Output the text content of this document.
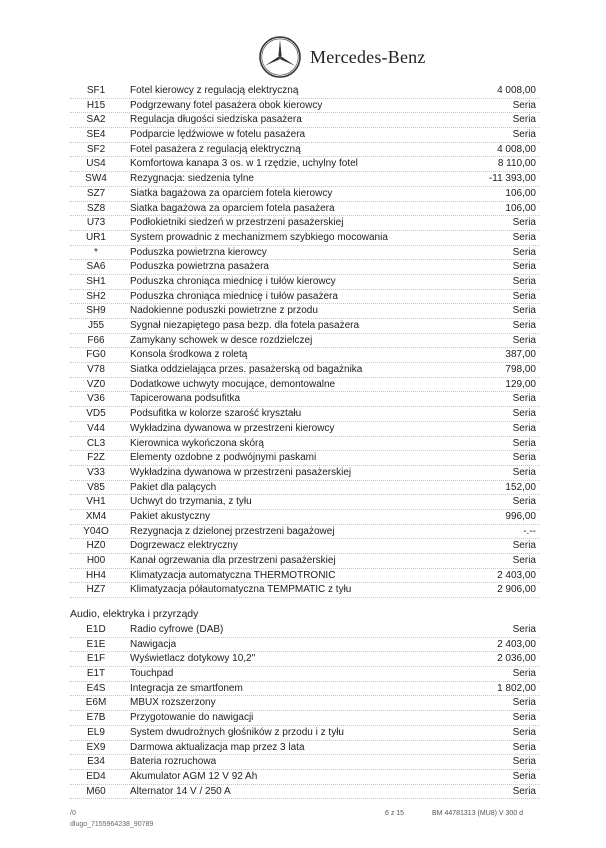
Mercedes-Benz
SF1	Fotel kierowcy z regulacją elektryczną	4 008,00
H15	Podgrzewany fotel pasażera obok kierowcy	Seria
SA2	Regulacja długości siedziska pasażera	Seria
SE4	Podparcie lędźwiowe w fotelu pasażera	Seria
SF2	Fotel pasażera z regulacją elektryczną	4 008,00
US4	Komfortowa kanapa 3 os. w 1 rzędzie, uchylny fotel	8 110,00
SW4	Rezygnacja: siedzenia tylne	-11 393,00
SZ7	Siatka bagażowa za oparciem fotela kierowcy	106,00
SZ8	Siatka bagażowa za oparciem fotela pasażera	106,00
U73	Podłokietniki siedzeń w przestrzeni pasażerskiej	Seria
UR1	System prowadnic z mechanizmem szybkiego mocowania	Seria
*	Poduszka powietrzna kierowcy	Seria
SA6	Poduszka powietrzna pasażera	Seria
SH1	Poduszka chroniąca miednicę i tułów kierowcy	Seria
SH2	Poduszka chroniąca miednicę i tułów pasażera	Seria
SH9	Nadokienne poduszki powietrzne z przodu	Seria
J55	Sygnał niezapiętego pasa bezp. dla fotela pasażera	Seria
F66	Zamykany schowek w desce rozdzielczej	Seria
FG0	Konsola środkowa z roletą	387,00
V78	Siatka oddzielająca przes. pasażerską od bagażnika	798,00
VZ0	Dodatkowe uchwyty mocujące, demontowalne	129,00
V36	Tapicerowana podsufitka	Seria
VD5	Podsufitka w kolorze szarość kryształu	Seria
V44	Wykładzina dywanowa w przestrzeni kierowcy	Seria
CL3	Kierownica wykończona skórą	Seria
F2Z	Elementy ozdobne z podwójnymi paskami	Seria
V33	Wykładzina dywanowa w przestrzeni pasażerskiej	Seria
V85	Pakiet dla palących	152,00
VH1	Uchwyt do trzymania, z tyłu	Seria
XM4	Pakiet akustyczny	996,00
Y04O	Rezygnacja z dzielonej przestrzeni bagażowej	-.--
HZ0	Dogrzewacz elektryczny	Seria
H00	Kanał ogrzewania dla przestrzeni pasażerskiej	Seria
HH4	Klimatyzacja automatyczna THERMOTRONIC	2 403,00
HZ7	Klimatyzacja półautomatyczna TEMPMATIC z tyłu	2 906,00
Audio, elektryka i przyrządy
E1D	Radio cyfrowe (DAB)	Seria
E1E	Nawigacja	2 403,00
E1F	Wyświetlacz dotykowy 10,2"	2 036,00
E1T	Touchpad	Seria
E4S	Integracja ze smartfonem	1 802,00
E6M	MBUX rozszerzony	Seria
E7B	Przygotowanie do nawigacji	Seria
EL9	System dwudrożnych głośników z przodu i z tyłu	Seria
EX9	Darmowa aktualizacja map przez 3 lata	Seria
E34	Bateria rozruchowa	Seria
ED4	Akumulator AGM 12 V 92 Ah	Seria
M60	Alternator 14 V / 250 A	Seria
/0
dlugo_7155964238_90789
6 z 15	BM 44781313 (MU8) V 300 d
